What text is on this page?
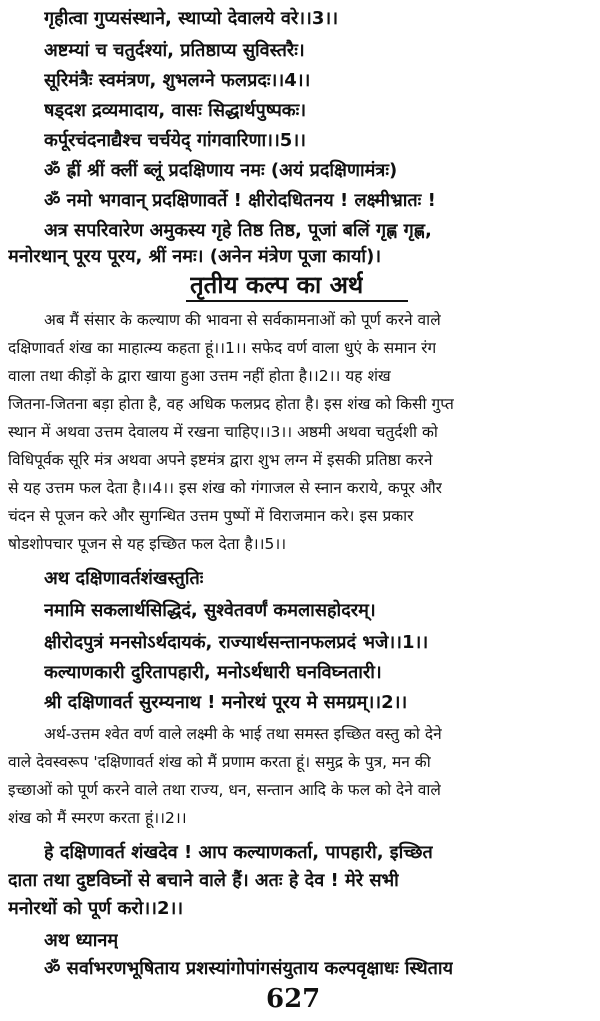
गृहीत्वा गुप्यसंस्थाने, स्थाप्यो देवालये वरे।।3।।
अष्टम्यां च चतुर्दश्यां, प्रतिष्ठाप्य सुविस्तरैः।
सूरिमंत्रैः स्वमंत्रण, शुभलग्ने फलप्रदः।।4।।
षड्दश द्रव्यमादाय, वासः सिद्धार्थपुष्पकः।
कर्पूरचंदनाद्यैश्च चर्चयेद् गांगवारिणा।।5।।
ॐ ह्रीं श्रीं क्लीं ब्लूं प्रदक्षिणाय नमः (अयं प्रदक्षिणामंत्रः)
ॐ नमो भगवान् प्रदक्षिणावर्ते ! क्षीरोदधितनय ! लक्ष्मीभ्रातः !
अत्र सपरिवारेण अमुकस्य गृहे तिष्ठ तिष्ठ, पूजां बलिं गृह्ण गृह्ण,
मनोरथान् पूरय पूरय, श्रीं नमः। (अनेन मंत्रेण पूजा कार्या)।
तृतीय कल्प का अर्थ
अब मैं संसार के कल्याण की भावना से सर्वकामनाओं को पूर्ण करने वाले
दक्षिणावर्त शंख का माहात्म्य कहता हूं।।1।। सफेद वर्ण वाला धुएं के समान रंग
वाला तथा कीड़ों के द्वारा खाया हुआ उत्तम नहीं होता है।।2।। यह शंख
जितना-जितना बड़ा होता है, वह अधिक फलप्रद होता है। इस शंख को किसी गुप्त
स्थान में अथवा उत्तम देवालय में रखना चाहिए।।3।। अष्ठमी अथवा चतुर्दशी को
विधिपूर्वक सूरि मंत्र अथवा अपने इष्टमंत्र द्वारा शुभ लग्न में इसकी प्रतिष्ठा करने
से यह उत्तम फल देता है।।4।। इस शंख को गंगाजल से स्नान कराये, कपूर और
चंदन से पूजन करे और सुगन्धित उत्तम पुष्पों में विराजमान करे। इस प्रकार
षोडशोपचार पूजन से यह इच्छित फल देता है।।5।।
अथ दक्षिणावर्तशंखस्तुतिः
नमामि सकलार्थसिद्धिदं, सुश्वेतवर्णं कमलासहोदरम्।
क्षीरोदपुत्रं मनसोऽर्थदायकं, राज्यार्थसन्तानफलप्रदं भजे।।1।।
कल्याणकारी दुरितापहारी, मनोऽर्थधारी घनविघ्नतारी।
श्री दक्षिणावर्त सुरम्यनाथ ! मनोरथं पूरय मे समग्रम्।।2।।
अर्थ-उत्तम श्वेत वर्ण वाले लक्ष्मी के भाई तथा समस्त इच्छित वस्तु को देने
वाले देवस्वरूप 'दक्षिणावर्त शंख को मैं प्रणाम करता हूं। समुद्र के पुत्र, मन की
इच्छाओं को पूर्ण करने वाले तथा राज्य, धन, सन्तान आदि के फल को देने वाले
शंख को मैं स्मरण करता हूं।।2।।
हे दक्षिणावर्त शंखदेव ! आप कल्याणकर्ता, पापहारी, इच्छित
दाता तथा दुष्टविघ्नों से बचाने वाले हैं। अतः हे देव ! मेरे सभी
मनोरथों को पूर्ण करो।।2।।
अथ ध्यानम्
ॐ सर्वाभरणभूषिताय प्रशस्यांगोपांगसंयुताय कल्पवृक्षाधः स्थिताय
627
